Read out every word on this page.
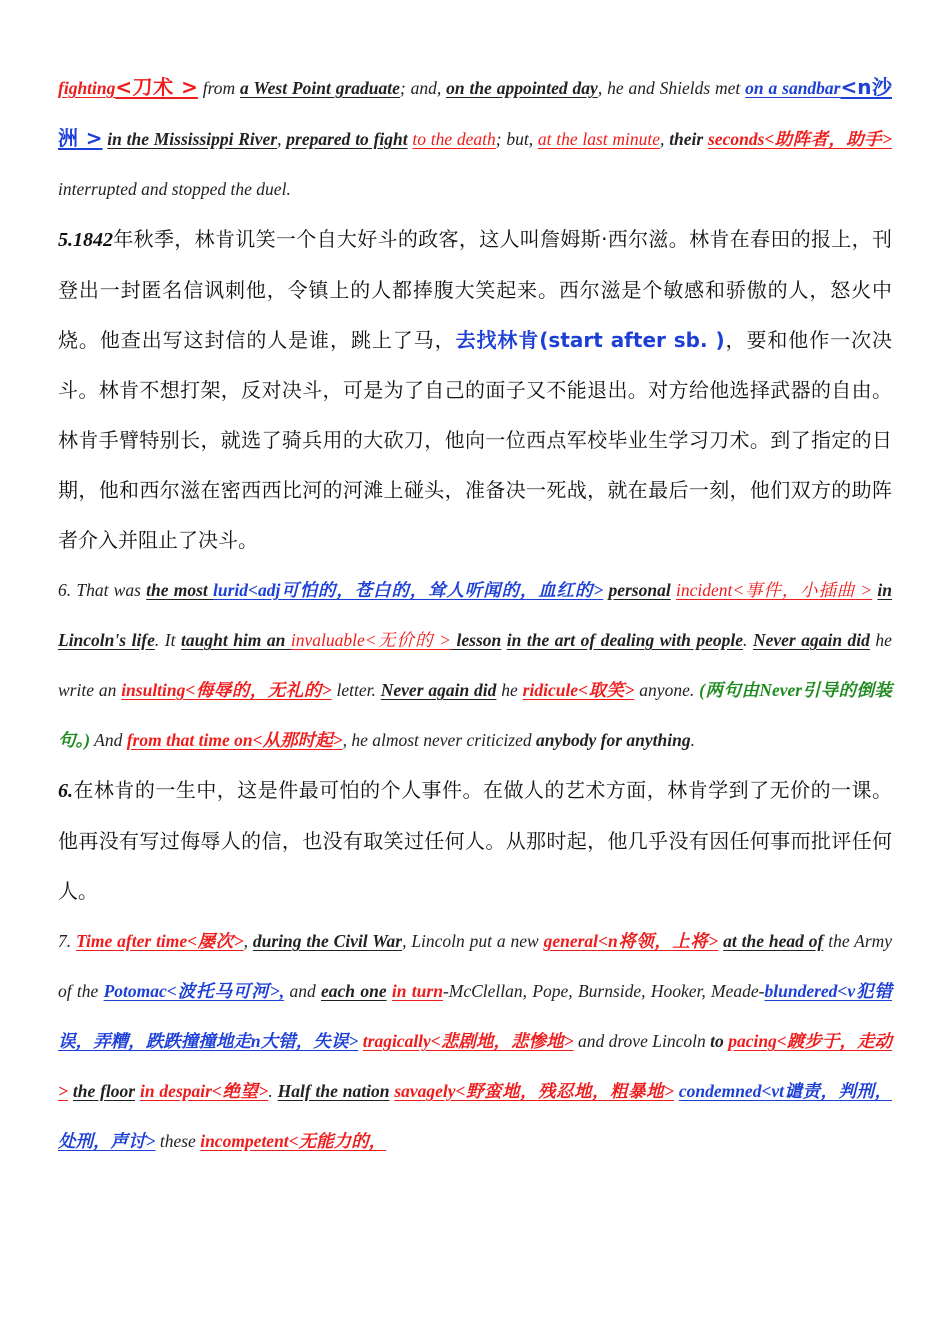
fighting<刀术 > from a West Point graduate; and, on the appointed day, he and Shields met on a sandbar<n沙洲 > in the Mississippi River, prepared to fight to the death; but, at the last minute, their seconds<助阵者，助手> interrupted and stopped the duel.

5.1842年秋季，林肯讥笑一个自大好斗的政客，这人叫詹姆斯·西尔滋。林肯在春田的报上，刊登出一封匿名信讽刺他，令镇上的人都捧腹大笑起来。西尔滋是个敏感和骄傲的人，怒火中烧。他查出写这封信的人是谁，跳上了马，去找林肯(start after sb. )，要和他作一次决斗。林肯不想打架，反对决斗，可是为了自己的面子又不能退出。对方给他选择武器的自由。林肯手臂特别长，就选了骑兵用的大砍刀，他向一位西点军校毕业生学习刀术。到了指定的日期，他和西尔滋在密西西比河的河滩上碰头，准备决一死战，就在最后一刻，他们双方的助阵者介入并阻止了决斗。

6. That was the most lurid<adj可怕的，苍白的，耸人听闻的，血红的> personal incident<事件，小插曲 > in Lincoln's life. It taught him an invaluable<无价的 > lesson in the art of dealing with people. Never again did he write an insulting<侮辱的，无礼的> letter. Never again did he ridicule<取笑> anyone. (两句由Never引导的倒装句。) And from that time on<从那时起>, he almost never criticized anybody for anything.

6.在林肯的一生中，这是件最可怕的个人事件。在做人的艺术方面，林肯学到了无价的一课。他再没有写过侮辱人的信，也没有取笑过任何人。从那时起，他几乎没有因任何事而批评任何人。

7. Time after time<屡次>, during the Civil War, Lincoln put a new general<n将领，上将> at the head of the Army of the Potomac<波托马可河>, and each one in turn-McClellan, Pope, Burnside, Hooker, Meade-blundered<v犯错误，弄糟，跌跌撞撞地走n大错，失误> tragically<悲剧地，悲惨地> and drove Lincoln to pacing<踱步于，走动> the floor in despair<绝望>. Half the nation savagely<野蛮地，残忍地，粗暴地> condemned<vt谴责，判刑，处刑，声讨> these incompetent<无能力的，
